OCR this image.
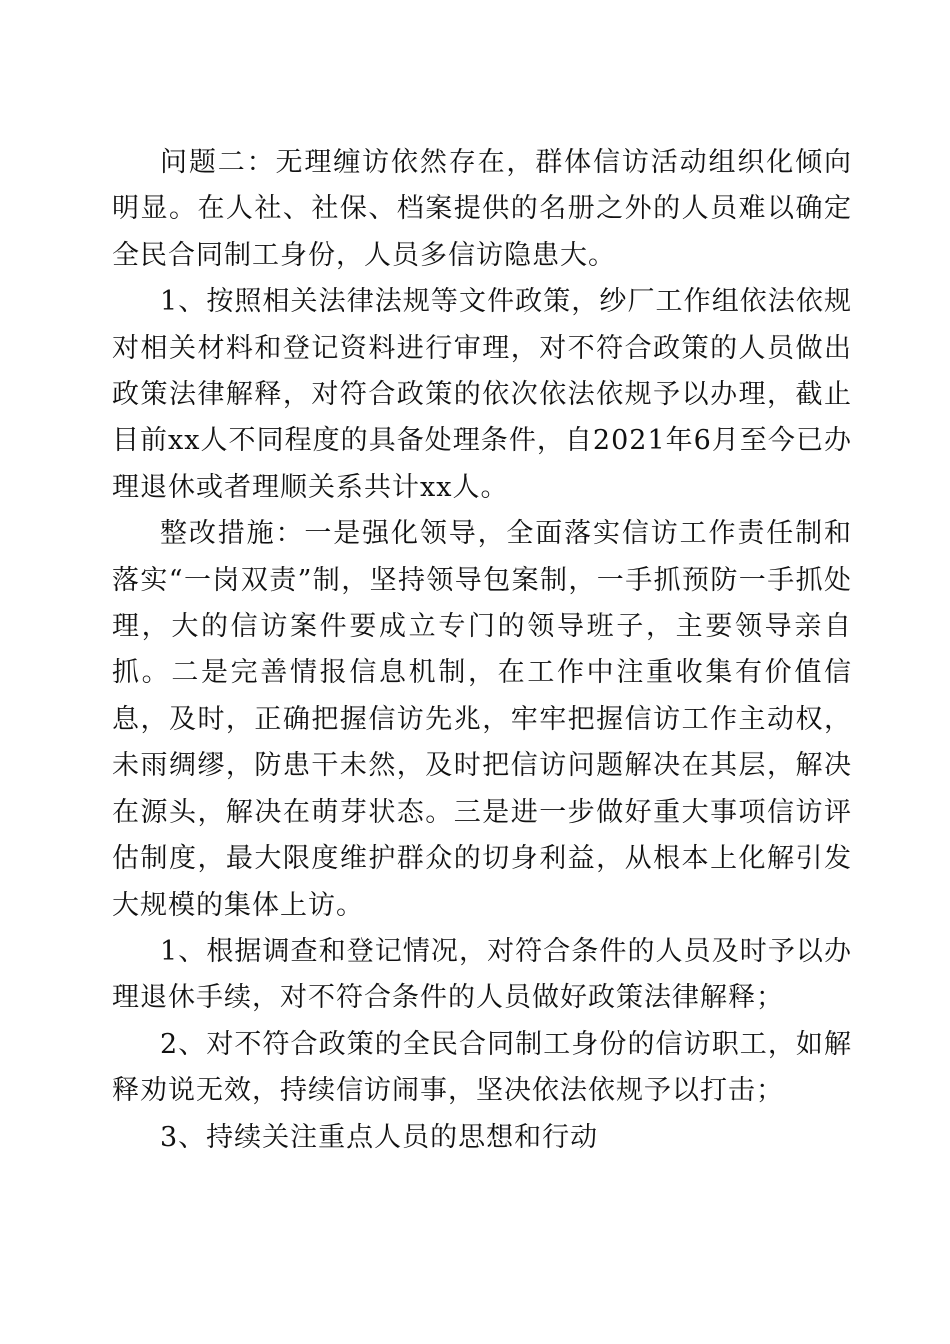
问题二：无理缠访依然存在，群体信访活动组织化倾向明显。在人社、社保、档案提供的名册之外的人员难以确定全民合同制工身份，人员多信访隐患大。

1、按照相关法律法规等文件政策，纱厂工作组依法依规对相关材料和登记资料进行审理，对不符合政策的人员做出政策法律解释，对符合政策的依次依法依规予以办理，截止目前xx人不同程度的具备处理条件，自2021年6月至今已办理退休或者理顺关系共计xx人。

整改措施：一是强化领导，全面落实信访工作责任制和落实“一岗双责”制，坚持领导包案制，一手抓预防一手抓处理，大的信访案件要成立专门的领导班子，主要领导亲自抓。二是完善情报信息机制，在工作中注重收集有价值信息，及时，正确把握信访先兆，牢牢把握信访工作主动权，未雨绸缪，防患干未然，及时把信访问题解决在其层，解决在源头，解决在萌芽状态。三是进一步做好重大事项信访评估制度，最大限度维护群众的切身利益，从根本上化解引发大规模的集体上访。

1、根据调查和登记情况，对符合条件的人员及时予以办理退休手续，对不符合条件的人员做好政策法律解释；

2、对不符合政策的全民合同制工身份的信访职工，如解释劝说无效，持续信访闹事，坚决依法依规予以打击；

3、持续关注重点人员的思想和行动
